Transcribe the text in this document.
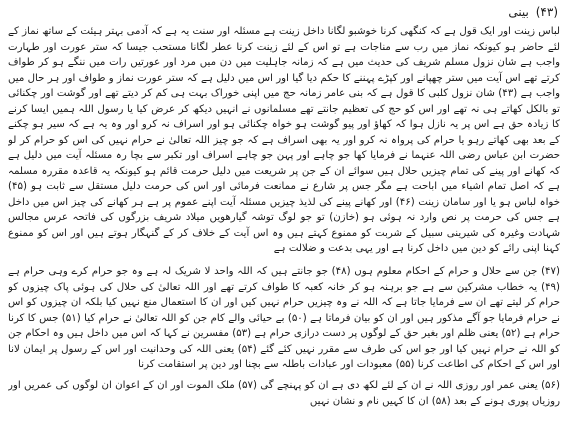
(۴۳) بینی

لباس زینت اور ایک قول ہے کہ کنگھی کرنا خوشبو لگانا داخل زینت ہے مسئلہ اور سنت یہ ہے کہ آدمی بہتر ہیئت کے ساتھ نماز کے لئے حاضر ہو کیونکہ نماز میں رب سے مناجات ہے تو اس کے لئے زینت کرنا عطر لگانا مستحب جیسا کہ ستر عورت اور طہارت واجب ہے شان نزول مسلم شریف کی حدیث میں ہے کہ زمانہ جاہلیت میں دن میں مرد اور عورتیں رات میں ننگے ہو کر طواف کرتے تھے اس آیت میں ستر چھپانے اور کپڑے پہننے کا حکم دیا گیا اور اس میں دلیل ہے کہ ستر عورت نماز و طواف اور ہر حال میں واجب ہے (۴۳) شان نزول کلبی کا قول ہے کہ بنی عامر زمانہ حج میں اپنی خوراک بہت ہی کم کر دیتے تھے اور گوشت اور چکنائی تو بالکل کھاتے ہی نہ تھے اور اس کو حج کی تعظیم جانتے تھے مسلمانوں نے انہیں دیکھ کر عرض کیا یا رسول اللہ ہمیں ایسا کرنے کا زیادہ حق ہے اس پر یہ نازل ہوا کہ کھاؤ اور پیو گوشت ہو خواہ چکنائی ہو اور اسراف نہ کرو اور وہ یہ ہے کہ سیر ہو چکنے کے بعد بھی کھاتے رہو یا حرام کی پرواہ نہ کرو اور یہ بھی اسراف ہے کہ جو چیز اللہ تعالیٰ نے حرام نہیں کی اس کو حرام کر لو حضرت ابن عباس رضی اللہ عنہما نے فرمایا کھا جو چاہے اور پہن جو چاہے اسراف اور تکبر سے بچا رہ مسئلہ آیت میں دلیل ہے کہ کھانے اور پینے کی تمام چیزیں حلال ہیں سوائے ان کے جن پر شریعت میں دلیل حرمت قائم ہو کیونکہ یہ قاعدہ مقررہ مسلمہ ہے کہ اصل تمام اشیاء میں اباحت ہے مگر جس پر شارع نے ممانعت فرمائی اور اس کی حرمت دلیل مستقل سے ثابت ہو (۴۵) خواہ لباس ہو یا اور سامان زینت (۴۶) اور کھانے پینے کی لذیذ چیزیں مسئلہ آیت اپنے عموم پر ہے ہر کھانے کی چیز اس میں داخل ہے جس کی حرمت پر نص وارد نہ ہوئی ہو (خازن) تو جو لوگ توشہ گیارھویں میلاد شریف بزرگوں کی فاتحہ عرس مجالس شہادت وغیرہ کی شیرینی سبیل کے شربت کو ممنوع کہتے ہیں وہ اس آیت کے خلاف کر کے گنہگار ہوتے ہیں اور اس کو ممنوع کہنا اپنی رائے کو دین میں داخل کرنا ہے اور یہی بدعت و ضلالت ہے

(۴۷) جن سے حلال و حرام کے احکام معلوم ہوں (۴۸) جو جانتے ہیں کہ اللہ واحد لا شریک لہ ہے وہ جو حرام کرے وہی حرام ہے (۴۹) یہ خطاب مشرکین سے ہے جو برہنہ ہو کر خانہ کعبہ کا طواف کرتے تھے اور اللہ تعالیٰ کی حلال کی ہوئی پاک چیزوں کو حرام کر لیتے تھے ان سے فرمایا جاتا ہے کہ اللہ نے وہ چیزیں حرام نہیں کیں اور ان کا استعمال منع نہیں کیا بلکہ ان چیزوں کو اس نے حرام فرمایا جو آگے مذکور ہیں اور ان کو بیان فرماتا ہے (۵۰) بے حیائی والے کام جن کو اللہ تعالیٰ نے حرام کیا (۵۱) جس کا کرنا حرام ہے (۵۲) یعنی ظلم اور بغیر حق کے لوگوں پر دست درازی حرام ہے (۵۳) مفسرین نے کہا کہ اس میں داخل ہیں وہ احکام جن کو اللہ نے حرام نہیں کیا اور جو اس کی طرف سے مقرر نہیں کئے گئے (۵۴) یعنی اللہ کی وحدانیت اور اس کے رسول پر ایمان لانا اور اس کے احکام کی اطاعت کرنا (۵۵) معبودات اور عبادات باطلہ سے بچنا اور دین پر استقامت کرنا

(۵۶) یعنی عمر اور روزی اللہ نے ان کے لئے لکھ دی ہے ان کو پہنچے گی (۵۷) ملک الموت اور ان کے اعوان ان لوگوں کی عمریں اور روزیاں پوری ہونے کے بعد (۵۸) ان کا کہیں نام و نشان نہیں
